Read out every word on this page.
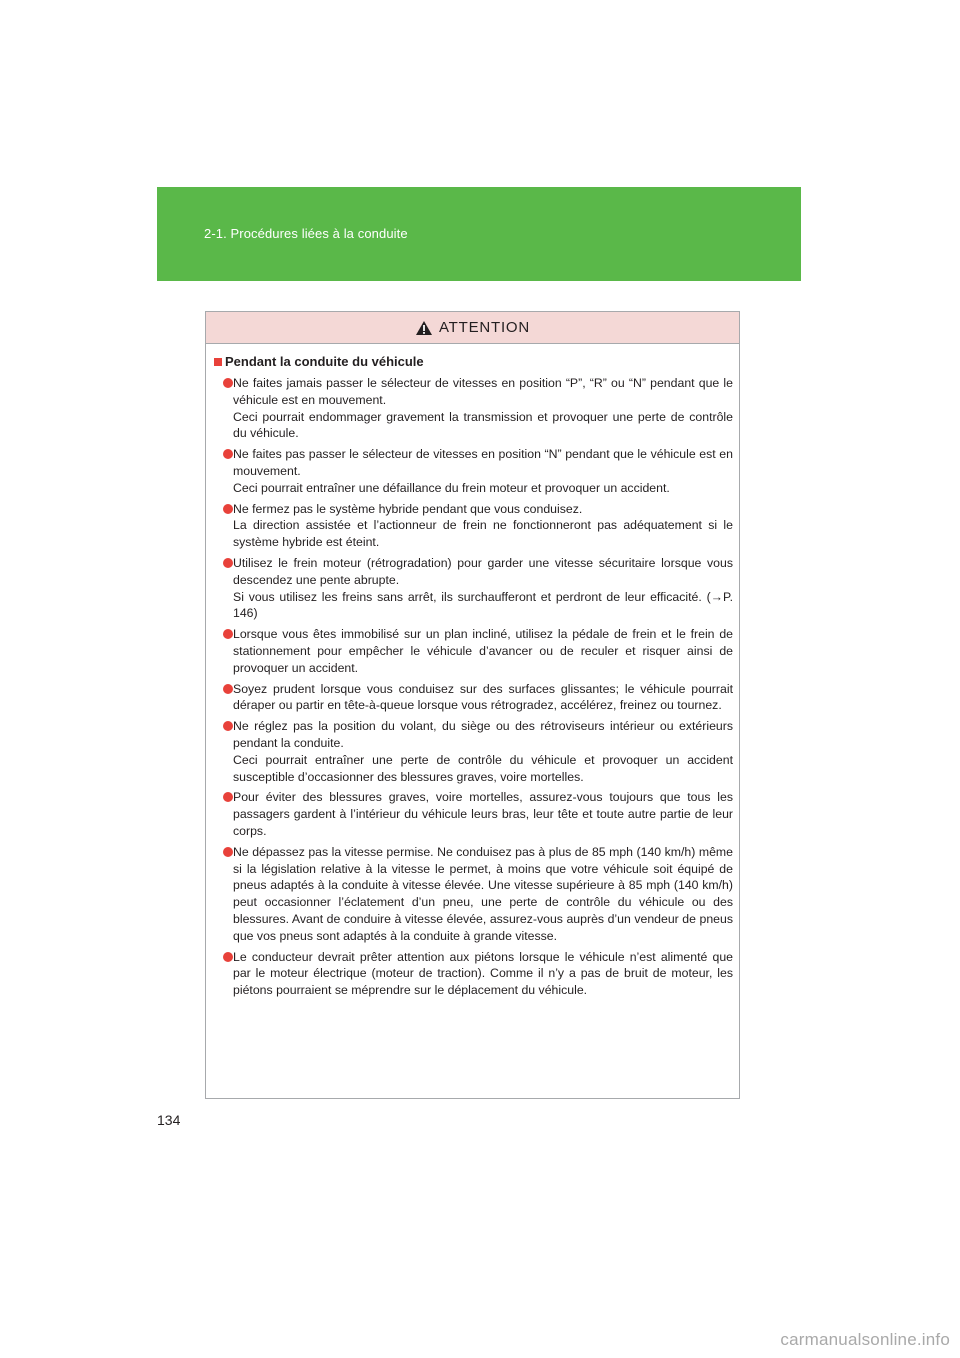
2-1. Procédures liées à la conduite
ATTENTION
Pendant la conduite du véhicule

Ne faites jamais passer le sélecteur de vitesses en position “P”, “R” ou “N” pendant que le véhicule est en mouvement.

Ceci pourrait endommager gravement la transmission et provoquer une perte de contrôle du véhicule.

Ne faites pas passer le sélecteur de vitesses en position “N” pendant que le véhicule est en mouvement.

Ceci pourrait entraîner une défaillance du frein moteur et provoquer un accident.

Ne fermez pas le système hybride pendant que vous conduisez.

La direction assistée et l’actionneur de frein ne fonctionneront pas adéquatement si le système hybride est éteint.

Utilisez le frein moteur (rétrogradation) pour garder une vitesse sécuritaire lorsque vous descendez une pente abrupte.

Si vous utilisez les freins sans arrêt, ils surchaufferont et perdront de leur efficacité. (→P. 146)

Lorsque vous êtes immobilisé sur un plan incliné, utilisez la pédale de frein et le frein de stationnement pour empêcher le véhicule d’avancer ou de reculer et risquer ainsi de provoquer un accident.

Soyez prudent lorsque vous conduisez sur des surfaces glissantes; le véhicule pourrait déraper ou partir en tête-à-queue lorsque vous rétrogradez, accélérez, freinez ou tournez.

Ne réglez pas la position du volant, du siège ou des rétroviseurs intérieur ou extérieurs pendant la conduite.

Ceci pourrait entraîner une perte de contrôle du véhicule et provoquer un accident susceptible d’occasionner des blessures graves, voire mortelles.

Pour éviter des blessures graves, voire mortelles, assurez-vous toujours que tous les passagers gardent à l’intérieur du véhicule leurs bras, leur tête et toute autre partie de leur corps.

Ne dépassez pas la vitesse permise. Ne conduisez pas à plus de 85 mph (140 km/h) même si la législation relative à la vitesse le permet, à moins que votre véhicule soit équipé de pneus adaptés à la conduite à vitesse élevée. Une vitesse supérieure à 85 mph (140 km/h) peut occasionner l’éclatement d’un pneu, une perte de contrôle du véhicule ou des blessures. Avant de conduire à vitesse élevée, assurez-vous auprès d’un vendeur de pneus que vos pneus sont adaptés à la conduite à grande vitesse.

Le conducteur devrait prêter attention aux piétons lorsque le véhicule n’est alimenté que par le moteur électrique (moteur de traction). Comme il n’y a pas de bruit de moteur, les piétons pourraient se méprendre sur le déplacement du véhicule.

134
carmanualsonline.info
